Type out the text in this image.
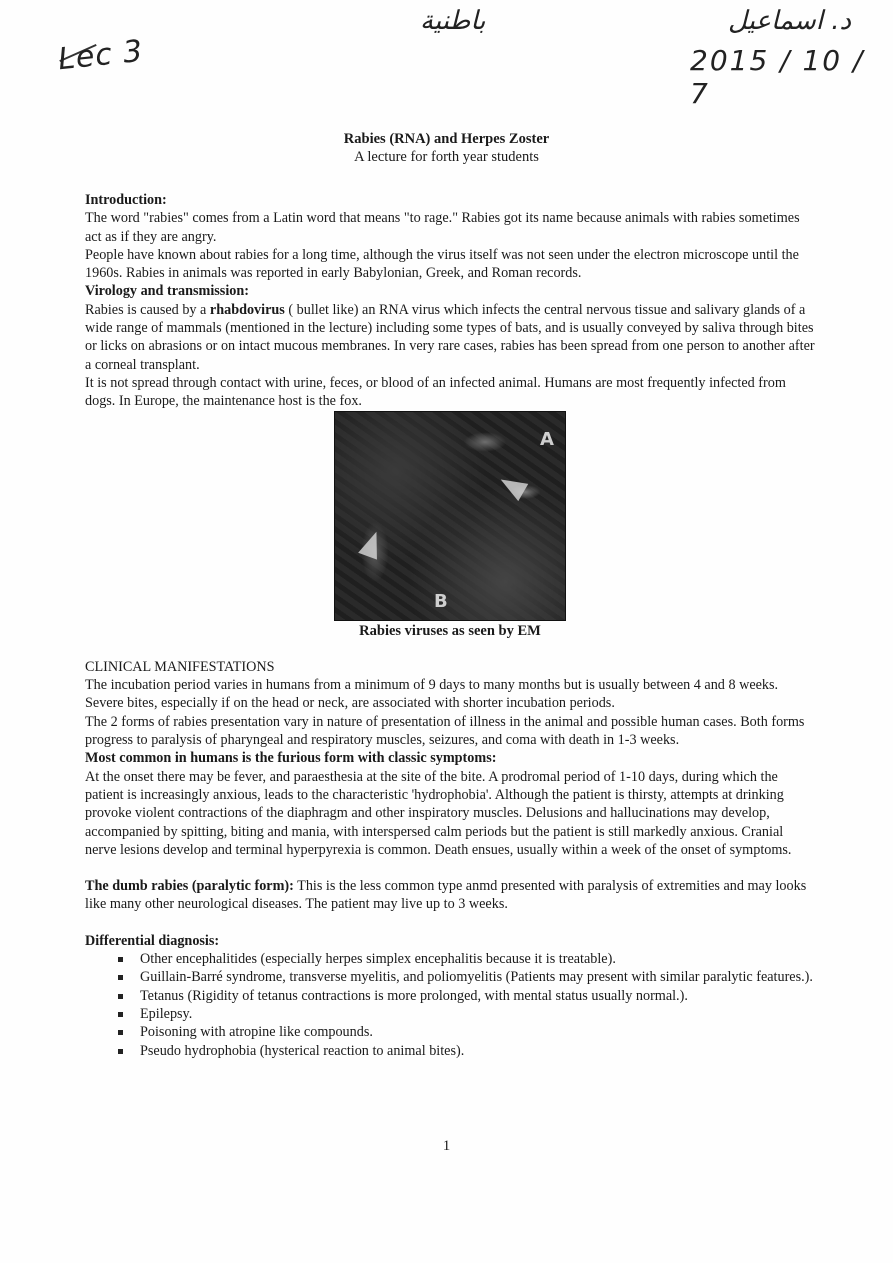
Lec 3
باطنية	د. اسماعيل
2015 / 10 / 7
Rabies (RNA) and Herpes Zoster
A lecture for forth year students

Introduction:

The word "rabies" comes from a Latin word that means "to rage." Rabies got its name because animals with rabies sometimes act as if they are angry.

People have known about rabies for a long time, although the virus itself was not seen under the electron microscope until the 1960s. Rabies in animals was reported in early Babylonian, Greek, and Roman records.

Virology and transmission:

Rabies is caused by a rhabdovirus ( bullet like) an RNA virus which infects the central nervous tissue and salivary glands of a wide range of mammals (mentioned in the lecture) including some types of bats, and is usually conveyed by saliva through bites or licks on abrasions or on intact mucous membranes. In very rare cases, rabies has been spread from one person to another after a corneal transplant.

It is not spread through contact with urine, feces, or blood of an infected animal. Humans are most frequently infected from dogs. In Europe, the maintenance host is the fox.

A
B
Rabies viruses as seen by EM

CLINICAL MANIFESTATIONS

The incubation period varies in humans from a minimum of 9 days to many months but is usually between 4 and 8 weeks. Severe bites, especially if on the head or neck, are associated with shorter incubation periods.

The 2 forms of rabies presentation vary in nature of presentation of illness in the animal and possible human cases. Both forms progress to paralysis of pharyngeal and respiratory muscles, seizures, and coma with death in 1-3 weeks.

Most common in humans is the furious form with classic symptoms:

At the onset there may be fever, and paraesthesia at the site of the bite. A prodromal period of 1-10 days, during which the patient is increasingly anxious, leads to the characteristic 'hydrophobia'. Although the patient is thirsty, attempts at drinking provoke violent contractions of the diaphragm and other inspiratory muscles. Delusions and hallucinations may develop, accompanied by spitting, biting and mania, with interspersed calm periods but the patient is still markedly anxious. Cranial nerve lesions develop and terminal hyperpyrexia is common. Death ensues, usually within a week of the onset of symptoms.

The dumb rabies (paralytic form): This is the less common type anmd presented with paralysis of extremities and may looks like many other neurological diseases. The patient may live up to 3 weeks.

Differential diagnosis:

Other encephalitides (especially herpes simplex encephalitis because it is treatable).
Guillain-Barré syndrome, transverse myelitis, and poliomyelitis (Patients may present with similar paralytic features.).
Tetanus (Rigidity of tetanus contractions is more prolonged, with mental status usually normal.).
Epilepsy.
Poisoning with atropine like compounds.
Pseudo hydrophobia (hysterical reaction to animal bites).
1
